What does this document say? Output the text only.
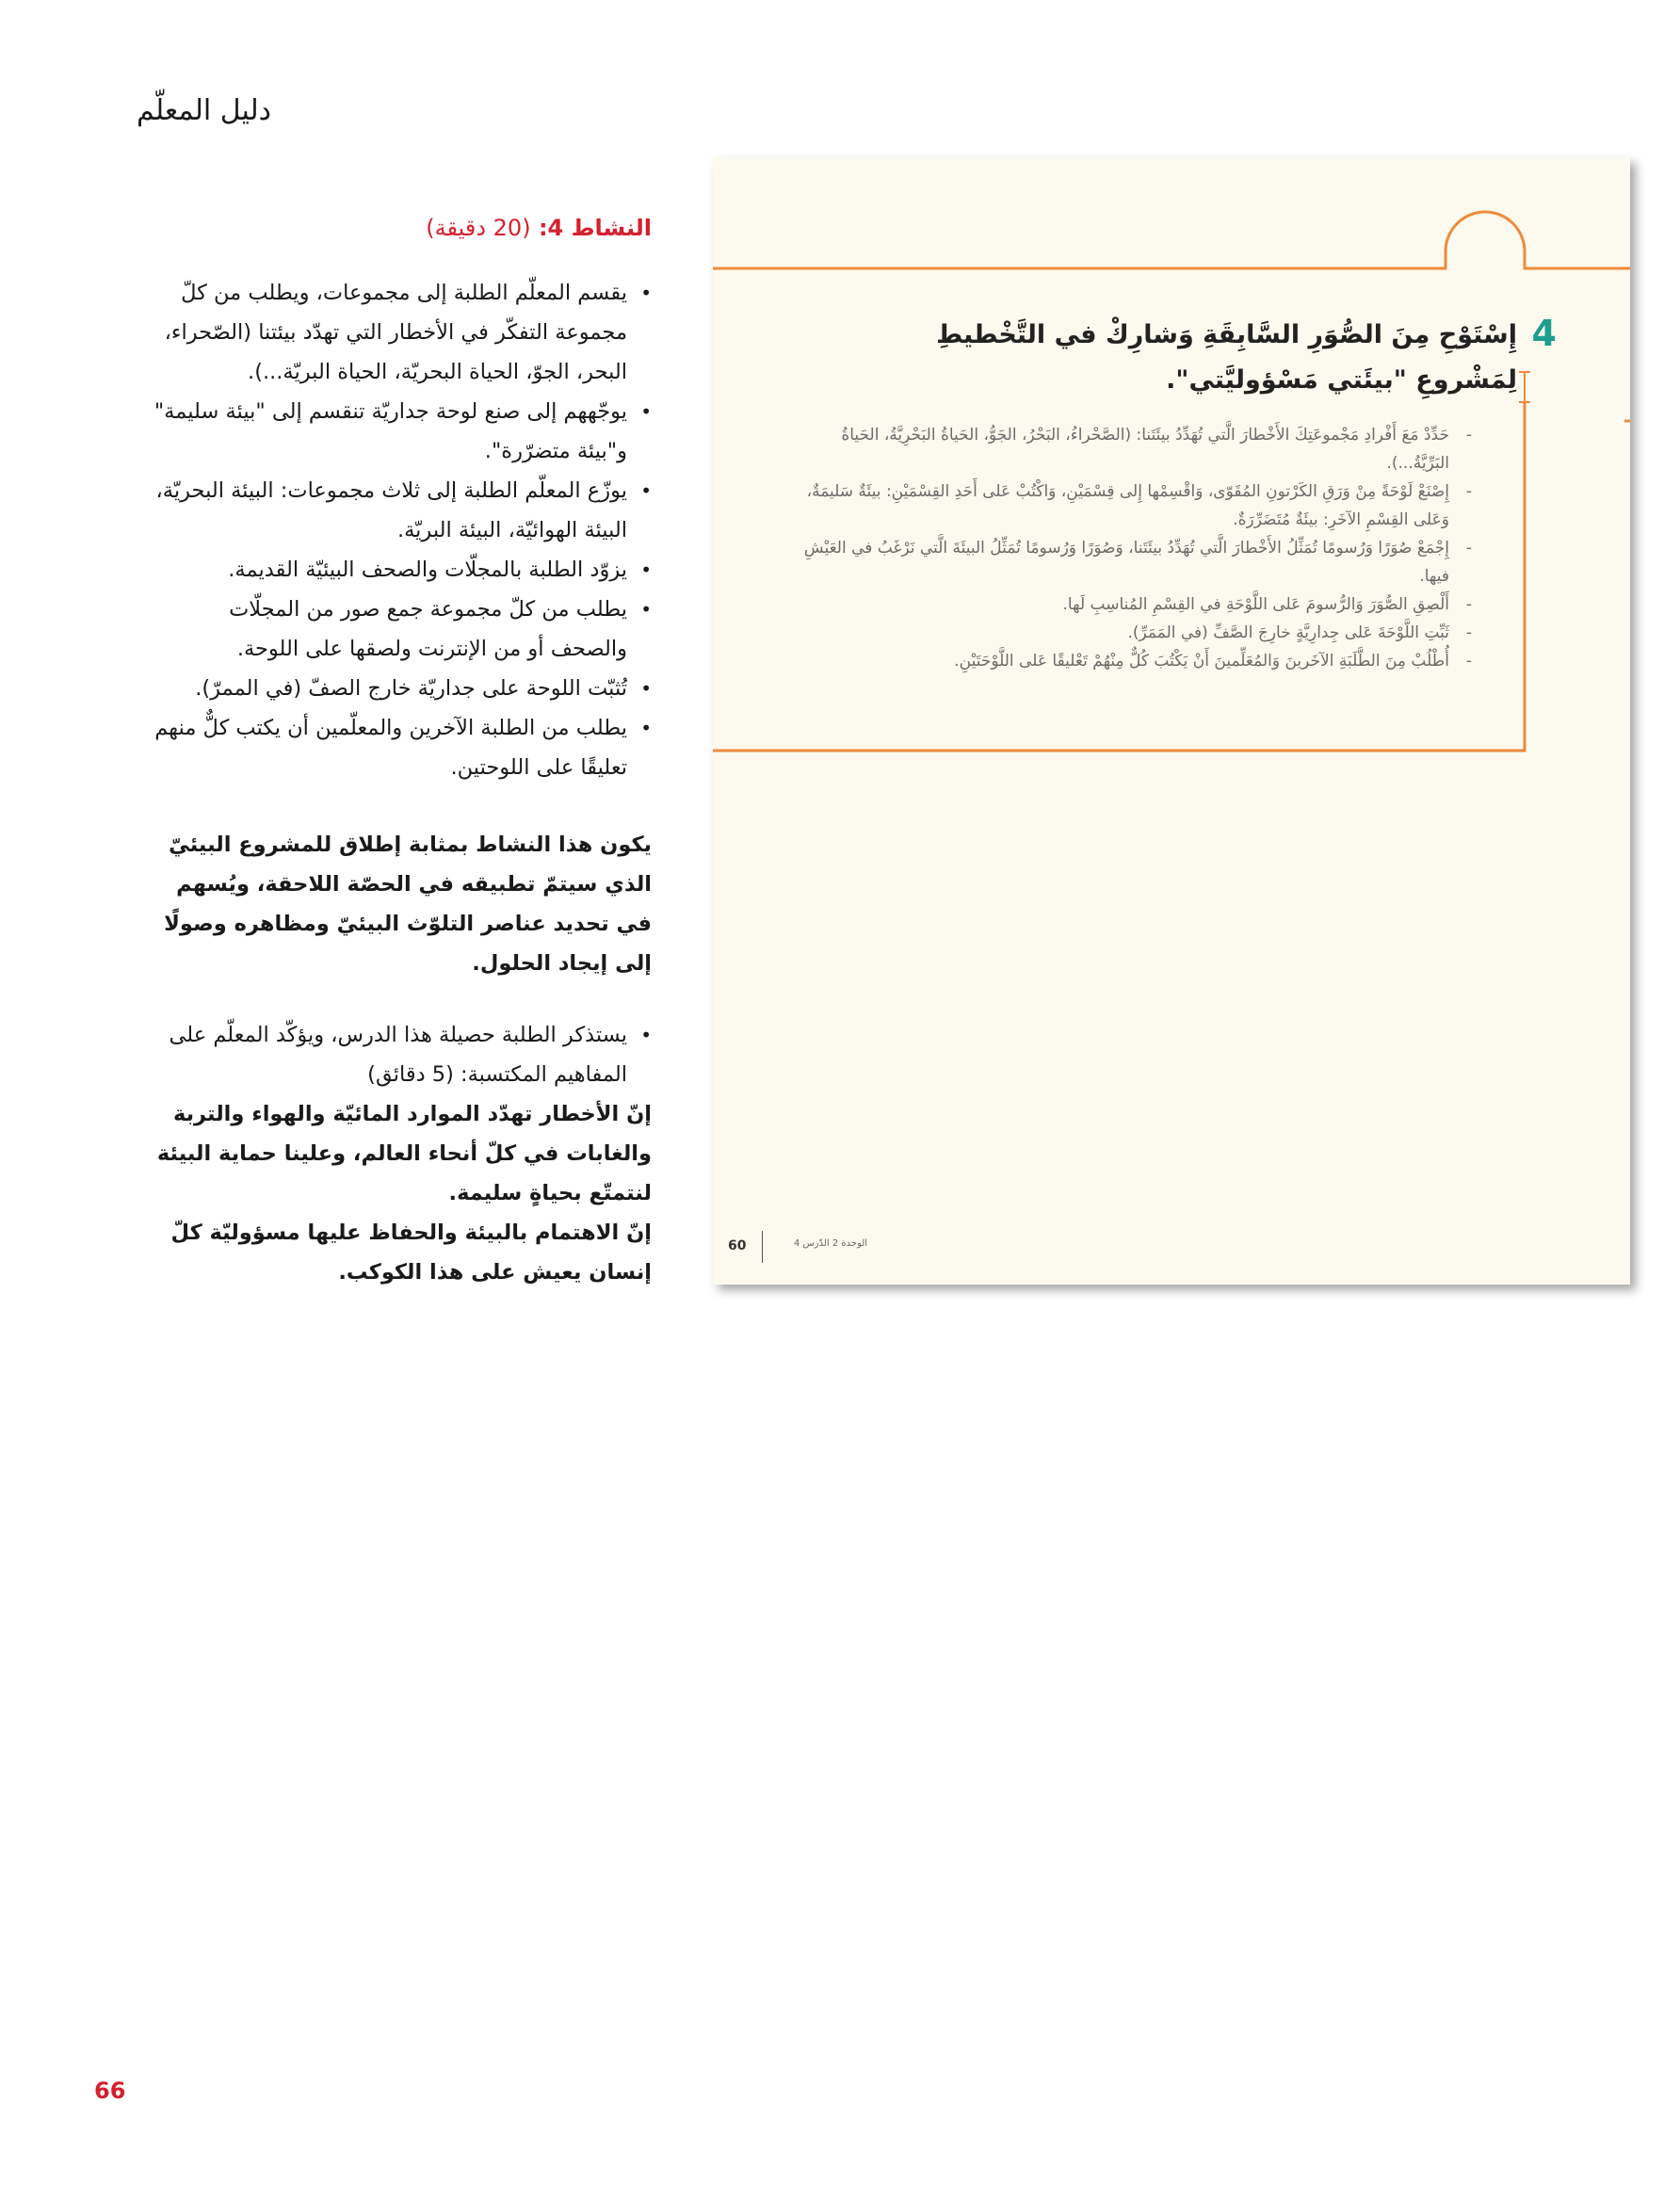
دليل المعلّم
النشاط 4: (20 دقيقة)
• يقسم المعلّم الطلبة إلى مجموعات، ويطلب من كلّ مجموعة التفكّر في الأخطار التي تهدّد بيئتنا (الصّحراء، البحر، الجوّ، الحياة البحريّة، الحياة البريّة...).
• يوجّههم إلى صنع لوحة جداريّة تنقسم إلى "بيئة سليمة" و"بيئة متضرّرة".
• يوزّع المعلّم الطلبة إلى ثلاث مجموعات: البيئة البحريّة، البيئة الهوائيّة، البيئة البريّة.
• يزوّد الطلبة بالمجلّات والصحف البيئيّة القديمة.
• يطلب من كلّ مجموعة جمع صور من المجلّات والصحف أو من الإنترنت ولصقها على اللوحة.
• تُثبّت اللوحة على جداريّة خارج الصفّ (في الممرّ).
• يطلب من الطلبة الآخرين والمعلّمين أن يكتب كلٌّ منهم تعليقًا على اللوحتين.
يكون هذا النشاط بمثابة إطلاق للمشروع البيئيّ الذي سيتمّ تطبيقه في الحصّة اللاحقة، ويُسهم في تحديد عناصر التلوّث البيئيّ ومظاهره وصولًا إلى إيجاد الحلول.
• يستذكر الطلبة حصيلة هذا الدرس، ويؤكّد المعلّم على المفاهيم المكتسبة: (5 دقائق)
إنّ الأخطار تهدّد الموارد المائيّة والهواء والتربة والغابات في كلّ أنحاء العالم، وعلينا حماية البيئة لنتمتّع بحياةٍ سليمة.
إنّ الاهتمام بالبيئة والحفاظ عليها مسؤوليّة كلّ إنسان يعيش على هذا الكوكب.
4
إِسْتَوْحِ مِنَ الصُّوَرِ السَّابِقَةِ وَشارِكْ في التَّخْطيطِ لِمَشْروعِ "بيئَتي مَسْؤوليَّتي".
- حَدِّدْ مَعَ أَفْرادِ مَجْموعَتِكَ الأَخْطارَ الَّتي تُهَدِّدُ بيئَتَنا: (الصَّحْراءُ، البَحْرُ، الجَوُّ، الحَياةُ البَحْرِيَّةُ، الحَياةُ البَرِّيَّةُ...).
- إِصْنَعْ لَوْحَةً مِنْ وَرَقِ الكَرْتونِ المُقَوّى، وَاقْسِمْها إِلى قِسْمَيْنِ، وَاكْتُبْ عَلى أَحَدِ القِسْمَيْنِ: بيئَةٌ سَليمَةٌ، وَعَلى القِسْمِ الآخَرِ: بيئَةٌ مُتَضَرِّرَةٌ.
- إِجْمَعْ صُوَرًا وَرُسومًا تُمَثِّلُ الأَخْطارَ الَّتي تُهَدِّدُ بيئَتَنا، وَصُوَرًا وَرُسومًا تُمَثِّلُ البيئَةَ الَّتي نَرْغَبُ في العَيْشِ فيها.
- أَلْصِقِ الصُّوَرَ وَالرُّسومَ عَلى اللَّوْحَةِ في القِسْمِ المُناسِبِ لَها.
- ثَبِّتِ اللَّوْحَةَ عَلى جِدارِيَّةٍ خارِجَ الصَّفِّ (في المَمَرِّ).
- أُطْلُبْ مِنَ الطَّلَبَةِ الآخَرينَ وَالمُعَلِّمينَ أَنْ يَكْتُبَ كُلٌّ مِنْهُمْ تَعْليقًا عَلى اللَّوْحَتَيْنِ.
60	الوحدة 2 الدّرس 4
66
